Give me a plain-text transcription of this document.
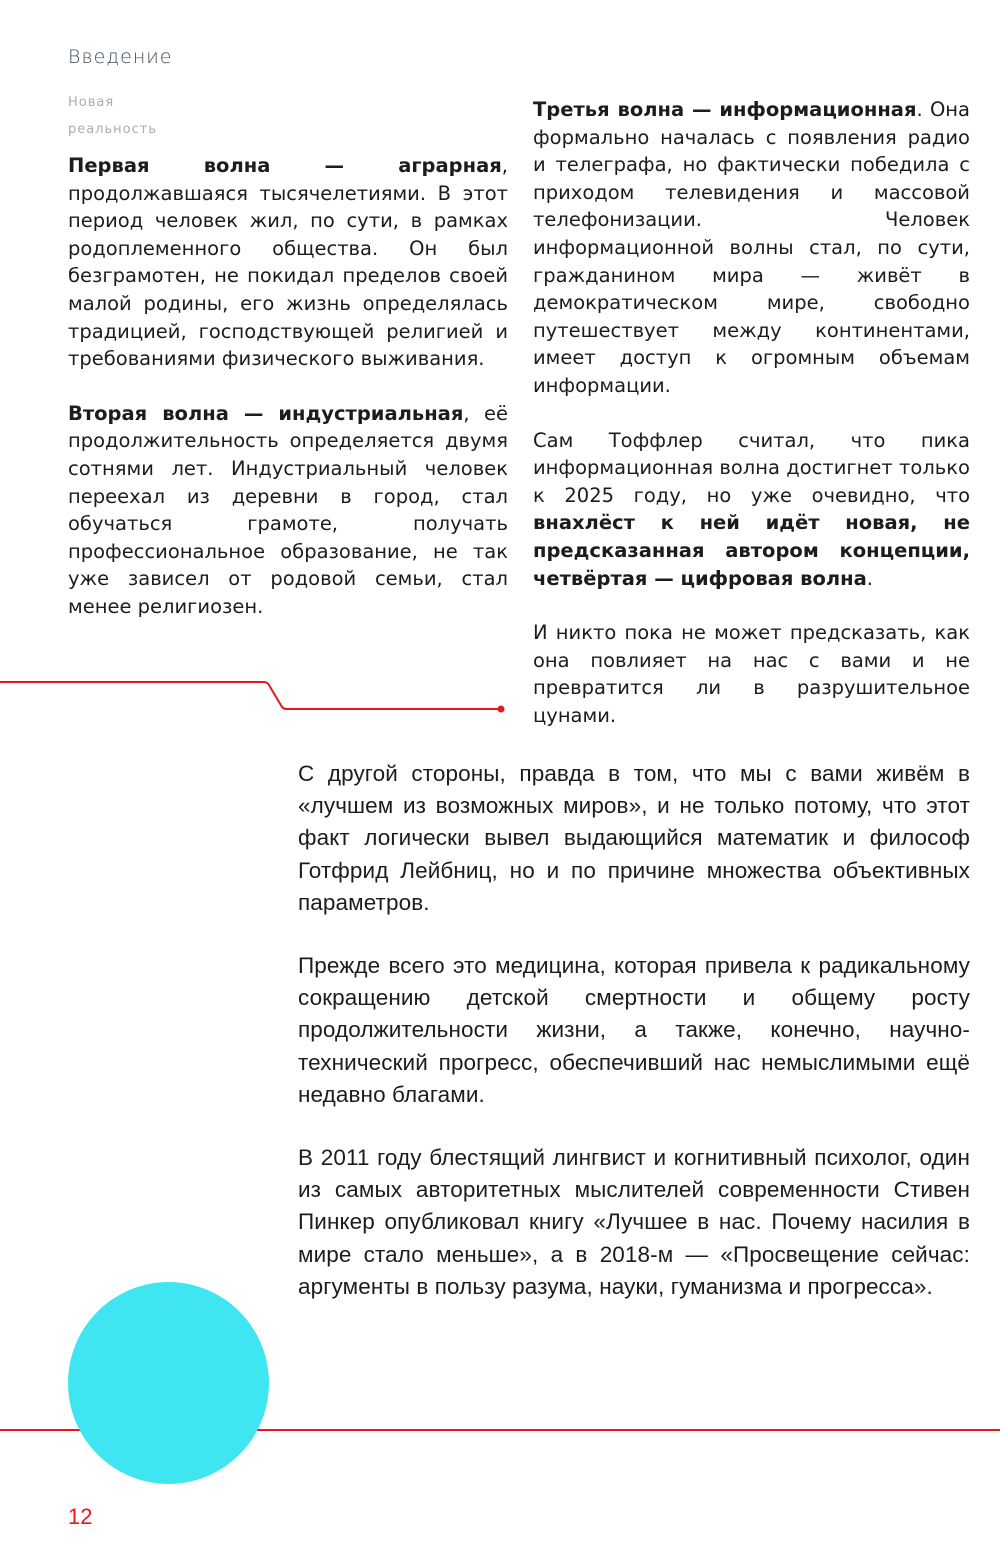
Введение
Новая
реальность

Первая волна — аграрная, продолжавшаяся тысячелетиями. В этот период человек жил, по сути, в рамках родоплеменного общества. Он был безграмотен, не покидал пределов своей малой родины, его жизнь определялась традицией, господствующей религией и требованиями физического выживания.

Вторая волна — индустриальная, её продолжительность определяется двумя сотнями лет. Индустриальный человек переехал из деревни в город, стал обучаться грамоте, получать профессиональное образование, не так уже зависел от родовой семьи, стал менее религиозен.

Третья волна — информационная. Она формально началась с появления радио и телеграфа, но фактически победила с приходом телевидения и массовой телефонизации. Человек информационной волны стал, по сути, гражданином мира — живёт в демократическом мире, свободно путешествует между континентами, имеет доступ к огромным объемам информации.

Сам Тоффлер считал, что пика информационная волна достигнет только к 2025 году, но уже очевидно, что внахлёст к ней идёт новая, не предсказанная автором концепции, четвёртая — цифровая волна.

И никто пока не может предсказать, как она повлияет на нас с вами и не превратится ли в разрушительное цунами.

С другой стороны, правда в том, что мы с вами живём в «лучшем из возможных миров», и не только потому, что этот факт логически вывел выдающийся математик и философ Готфрид Лейбниц, но и по причине множества объективных параметров.

Прежде всего это медицина, которая привела к радикальному сокращению детской смертности и общему росту продолжительности жизни, а также, конечно, научно-технический прогресс, обеспечивший нас немыслимыми ещё недавно благами.

В 2011 году блестящий лингвист и когнитивный психолог, один из самых авторитетных мыслителей современности Стивен Пинкер опубликовал книгу «Лучшее в нас. Почему насилия в мире стало меньше», а в 2018-м — «Просвещение сейчас: аргументы в пользу разума, науки, гуманизма и прогресса».

12
